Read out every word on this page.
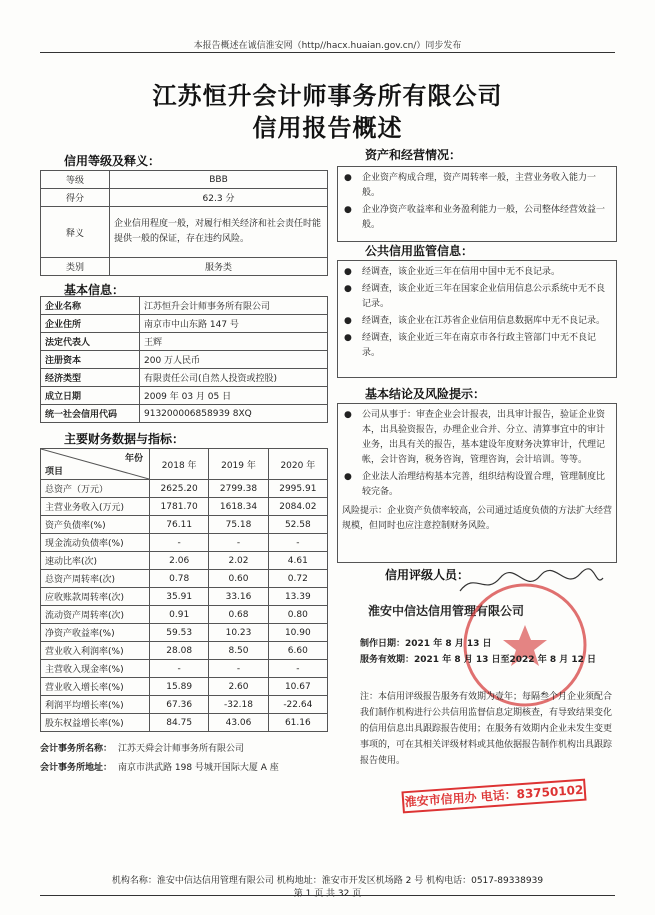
本报告概述在诚信淮安网（http//hacx.huaian.gov.cn/）同步发布
江苏恒升会计师事务所有限公司
信用报告概述
信用等级及释义：
等级	BBB
得分	62.3 分
释义	企业信用程度一般，对履行相关经济和社会责任时能提供一般的保证，存在违约风险。
类别	服务类
基本信息：
企业名称	江苏恒升会计师事务所有限公司
企业住所	南京市中山东路 147 号
法定代表人	王辉
注册资本	200 万人民币
经济类型	有限责任公司(自然人投资或控股)
成立日期	2009 年 03 月 05 日
统一社会信用代码	913200006858939 8XQ
主要财务数据与指标：
年份
项目	2018 年	2019 年	2020 年
总资产（万元）	2625.20	2799.38	2995.91
主营业务收入(万元)	1781.70	1618.34	2084.02
资产负债率(%)	76.11	75.18	52.58
现金流动负债率(%)	-	-	-
速动比率(次)	2.06	2.02	4.61
总资产周转率(次)	0.78	0.60	0.72
应收账款周转率(次)	35.91	33.16	13.39
流动资产周转率(次)	0.91	0.68	0.80
净资产收益率(%)	59.53	10.23	10.90
营业收入利润率(%)	28.08	8.50	6.60
主营收入现金率(%)	-	-	-
营业收入增长率(%)	15.89	2.60	10.67
利润平均增长率(%)	67.36	-32.18	-22.64
股东权益增长率(%)	84.75	43.06	61.16
会计事务所名称： 江苏天舜会计师事务所有限公司
会计事务所地址： 南京市洪武路 198 号城开国际大厦 A 座
资产和经营情况：
● 企业资产构成合理，资产周转率一般，主营业务收入能力一般。
● 企业净资产收益率和业务盈利能力一般，公司整体经营效益一般。
公共信用监管信息：
● 经调查，该企业近三年在信用中国中无不良记录。
● 经调查，该企业近三年在国家企业信用信息公示系统中无不良记录。
● 经调查，该企业在江苏省企业信用信息数据库中无不良记录。
● 经调查，该企业近三年在南京市各行政主管部门中无不良记录。
基本结论及风险提示：
● 公司从事于：审查企业会计报表，出具审计报告，验证企业资本，出具验资报告，办理企业合并、分立、清算事宜中的审计业务，出具有关的报告，基本建设年度财务决算审计，代理记帐，会计咨询，税务咨询，管理咨询，会计培训。等等。
● 企业法人治理结构基本完善，组织结构设置合理，管理制度比较完备。
风险提示：企业资产负债率较高，公司通过适度负债的方法扩大经营规模，但同时也应注意控制财务风险。
信用评级人员：
淮安中信达信用管理有限公司
制作日期：2021 年 8 月 13 日
服务有效期：2021 年 8 月 13 日至2022 年 8 月 12 日
注：本信用评级报告服务有效期为壹年；每隔叁个月企业须配合我们制作机构进行公共信用监督信息定期核查，有导致结果变化的信用信息出具跟踪报告使用；在服务有效期内企业未发生变更事项的，可在其相关评级材料或其他依据报告制作机构出具跟踪报告使用。
淮安市信用办 电话：83750102
机构名称：淮安中信达信用管理有限公司 机构地址：淮安市开发区机场路 2 号 机构电话：0517-89338939
第 1 页 共 32 页
